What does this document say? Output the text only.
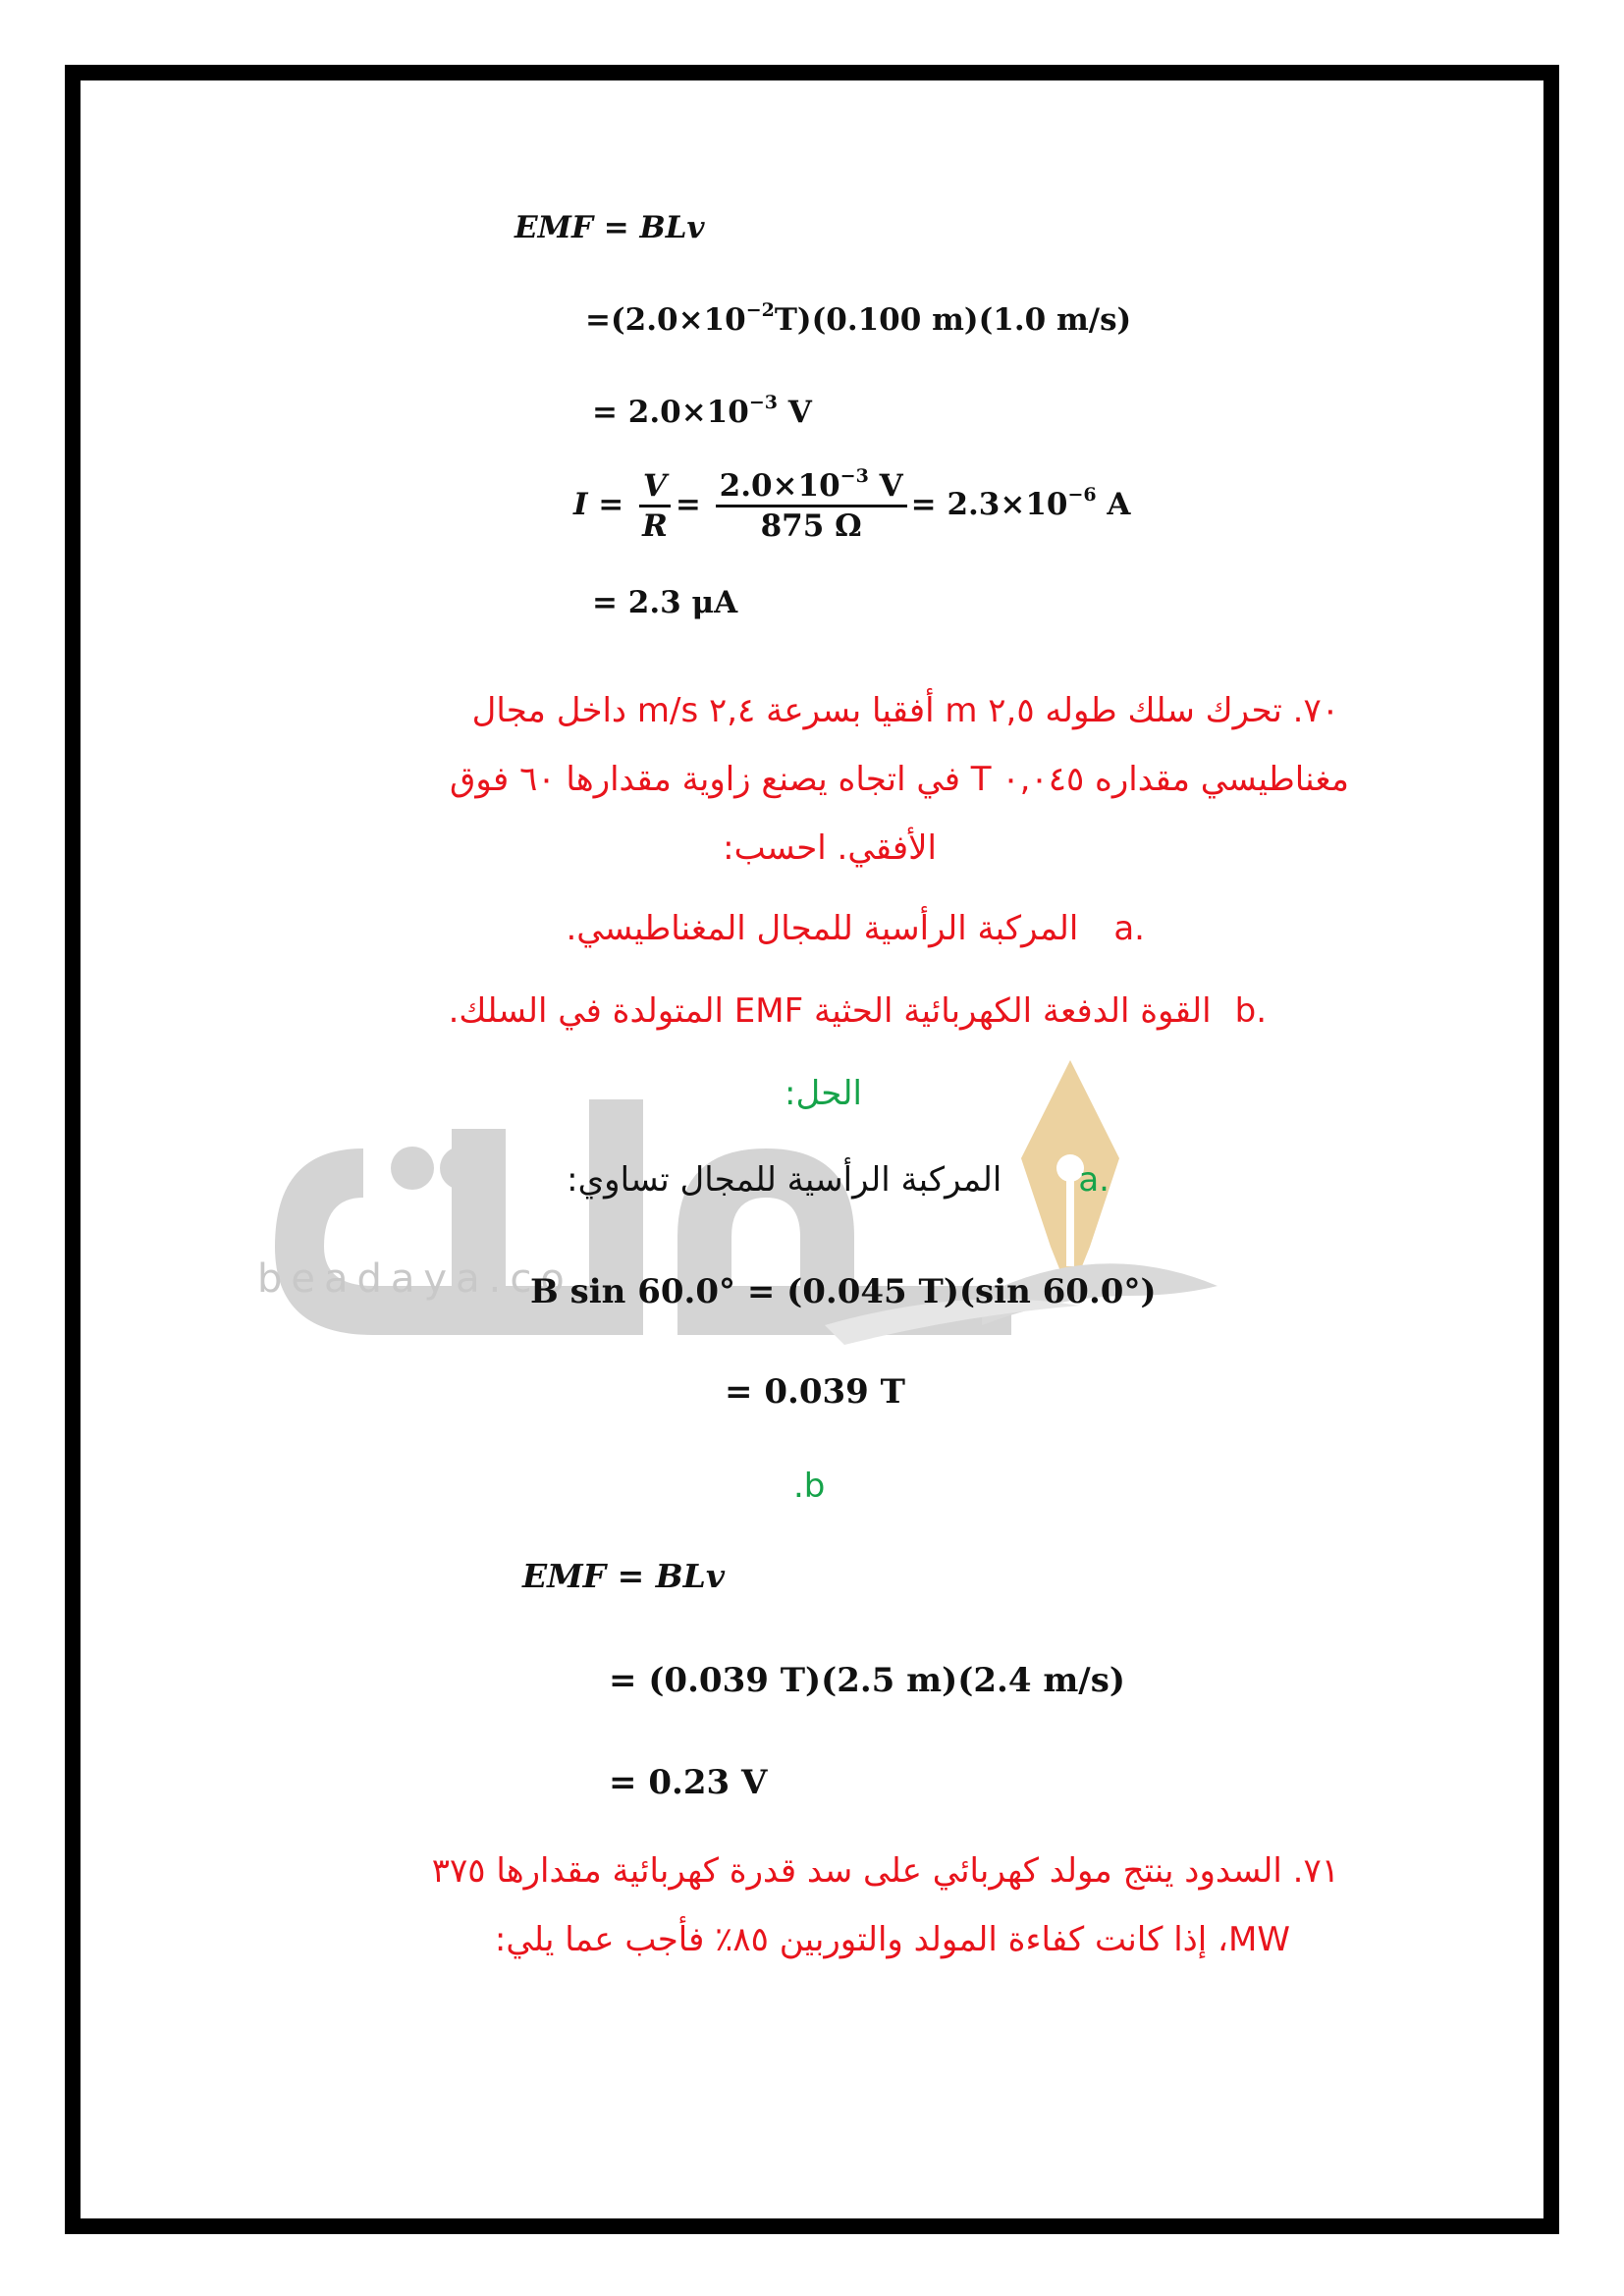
beadaya.co
EMF = BLv
$=(2.0\times 10^{-2}T)(0.100$ m)(1.0 m/s)
= $2.0\times 10^{-3}$ V
$I = \frac{V}{R} = \frac{2.0\times 10^{-3} V}{875 \Omega} = 2.3\times 10^{-6}$ A
= 2.3 μA
٧٠. تحرك سلك طوله ٢,٥ m أفقيا بسرعة ٢,٤ m/s داخل مجال
مغناطيسي مقداره ٠,٠٤٥ T في اتجاه يصنع زاوية مقدارها ٦٠ فوق
الأفقي. احسب:
a.المركبة الرأسية للمجال المغناطيسي.
b.القوة الدفعة الكهربائية الحثية EMF المتولدة في السلك.
الحل:
a.المركبة الرأسية للمجال تساوي:
B sin 60.0° = (0.045 T)(sin 60.0°)
= 0.039 T
.b
EMF = BLv
= (0.039 T)(2.5 m)(2.4 m/s)
= 0.23 V
٧١. السدود ينتج مولد كهربائي على سد قدرة كهربائية مقدارها ٣٧٥
MW، إذا كانت كفاءة المولد والتوربين ٨٥٪ فأجب عما يلي:
